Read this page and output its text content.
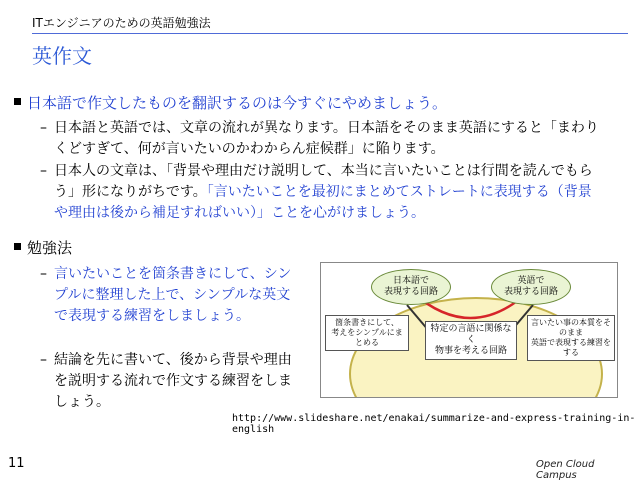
ITエンジニアのための英語勉強法
英作文
日本語で作文したものを翻訳するのは今すぐにやめましょう。
– 日本語と英語では、文章の流れが異なります。日本語をそのまま英語にすると「まわりくどすぎて、何が言いたいのかわからん症候群」に陥ります。
– 日本人の文章は、「背景や理由だけ説明して、本当に言いたいことは行間を読んでもらう」形になりがちです。「言いたいことを最初にまとめてストレートに表現する（背景や理由は後から補足すればいい）」ことを心がけましょう。
勉強法
– 言いたいことを箇条書きにして、シンプルに整理した上で、シンプルな英文で表現する練習をしましょう。
– 結論を先に書いて、後から背景や理由を説明する流れで作文する練習をしましょう。
日本語で
表現する回路
英語で
表現する回路
箇条書きにして、
考えをシンプルにまとめる
特定の言語に関係なく
物事を考える回路
言いたい事の本質をそのまま
英語で表現する練習をする
http://www.slideshare.net/enakai/summarize-and-express-training-in-english
11	Open Cloud Campus
